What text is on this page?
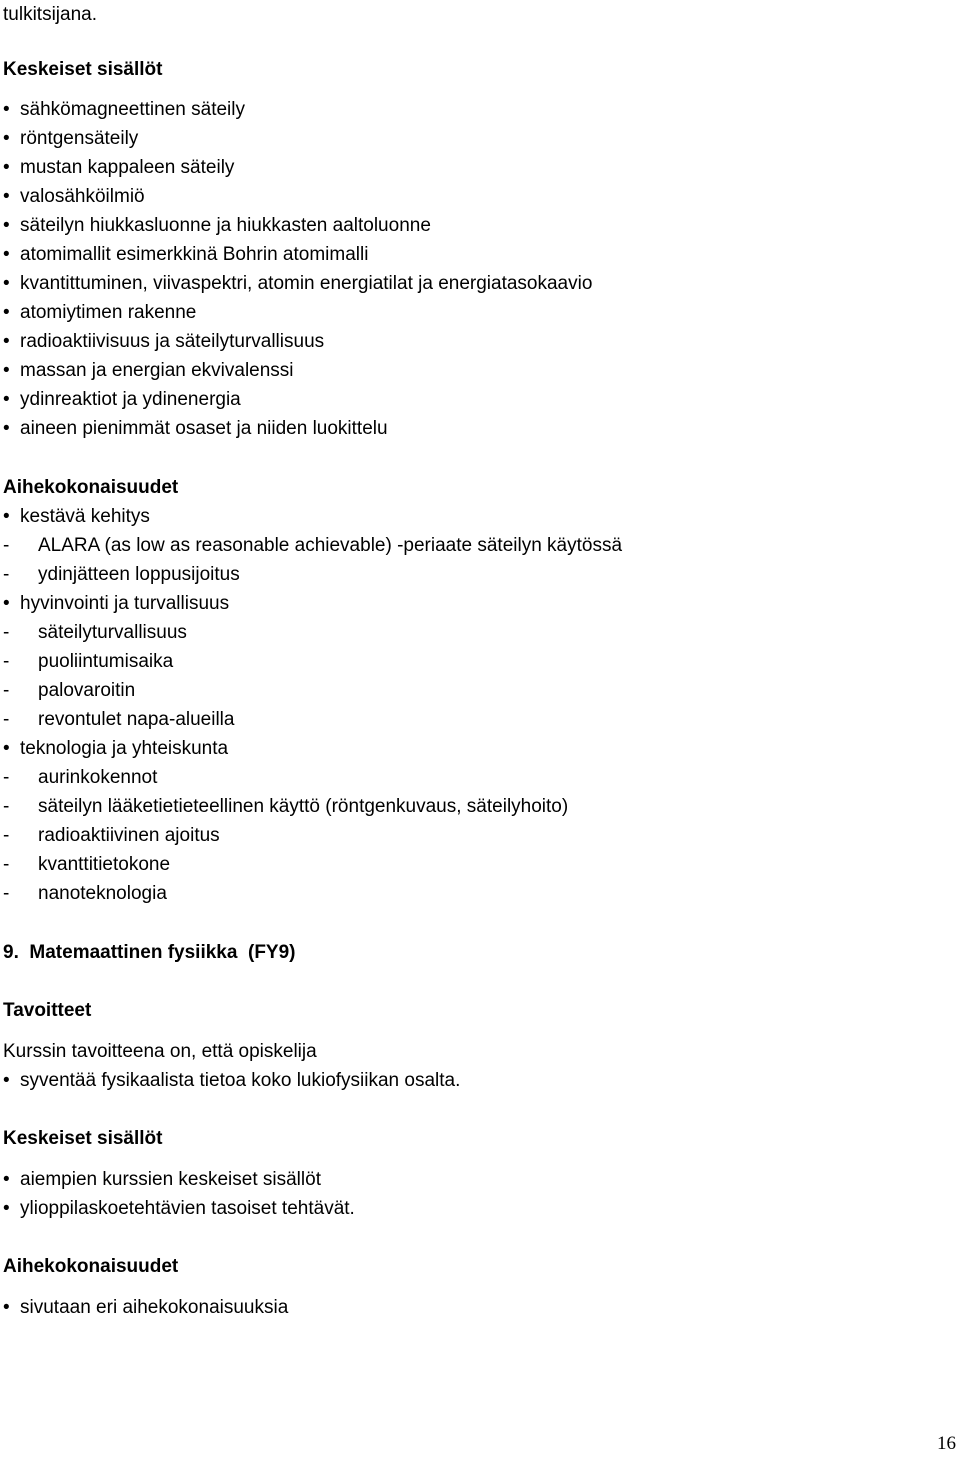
tulkitsijana.
Keskeiset sisällöt
• sähkömagneettinen säteily
• röntgensäteily
• mustan kappaleen säteily
• valosähköilmiö
• säteilyn hiukkasluonne ja hiukkasten aaltoluonne
• atomimallit esimerkkinä Bohrin atomimalli
• kvantittuminen, viivaspektri, atomin energiatilat ja energiatasokaavio
• atomiytimen rakenne
• radioaktiivisuus ja säteilyturvallisuus
• massan ja energian ekvivalenssi
• ydinreaktiot ja ydinenergia
• aineen pienimmät osaset ja niiden luokittelu
Aihekokonaisuudet
• kestävä kehitys
- ALARA (as low as reasonable achievable) -periaate säteilyn käytössä
- ydinjätteen loppusijoitus
• hyvinvointi ja turvallisuus
- säteilyturvallisuus
- puoliintumisaika
- palovaroitin
- revontulet napa-alueilla
• teknologia ja yhteiskunta
- aurinkokennot
- säteilyn lääketietieteellinen käyttö (röntgenkuvaus, säteilyhoito)
- radioaktiivinen ajoitus
- kvanttitietokone
- nanoteknologia
9.  Matemaattinen fysiikka  (FY9)
Tavoitteet
Kurssin tavoitteena on, että opiskelija
• syventää fysikaalista tietoa koko lukiofysiikan osalta.
Keskeiset sisällöt
• aiempien kurssien keskeiset sisällöt
• ylioppilaskoetehtävien tasoiset tehtävät.
Aihekokonaisuudet
• sivutaan eri aihekokonaisuuksia
16
